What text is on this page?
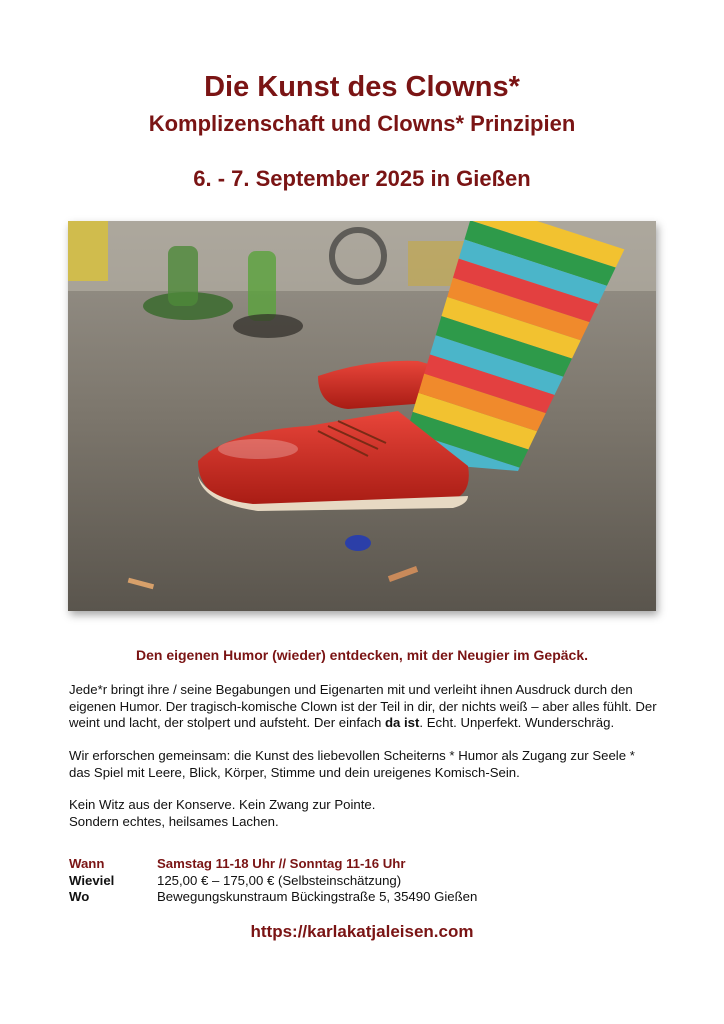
Die Kunst des Clowns*
Komplizenschaft und Clowns* Prinzipien
6. - 7. September 2025 in Gießen
Den eigenen Humor (wieder) entdecken, mit der Neugier im Gepäck.

Jede*r bringt ihre / seine Begabungen und Eigenarten mit und verleiht ihnen Ausdruck durch den eigenen Humor. Der tragisch-komische Clown ist der Teil in dir, der nichts weiß – aber alles fühlt. Der weint und lacht, der stolpert und aufsteht. Der einfach da ist. Echt. Unperfekt. Wunderschräg.

Wir erforschen gemeinsam: die Kunst des liebevollen Scheiterns * Humor als Zugang zur Seele * das Spiel mit Leere, Blick, Körper, Stimme und dein ureigenes Komisch-Sein.

Kein Witz aus der Konserve. Kein Zwang zur Pointe.

Sondern echtes, heilsames Lachen.

Wann	Samstag 11-18 Uhr // Sonntag 11-16 Uhr
Wieviel	125,00 € – 175,00 € (Selbsteinschätzung)
Wo	Bewegungskunstraum Bückingstraße 5, 35490 Gießen
https://karlakatjaleisen.com
